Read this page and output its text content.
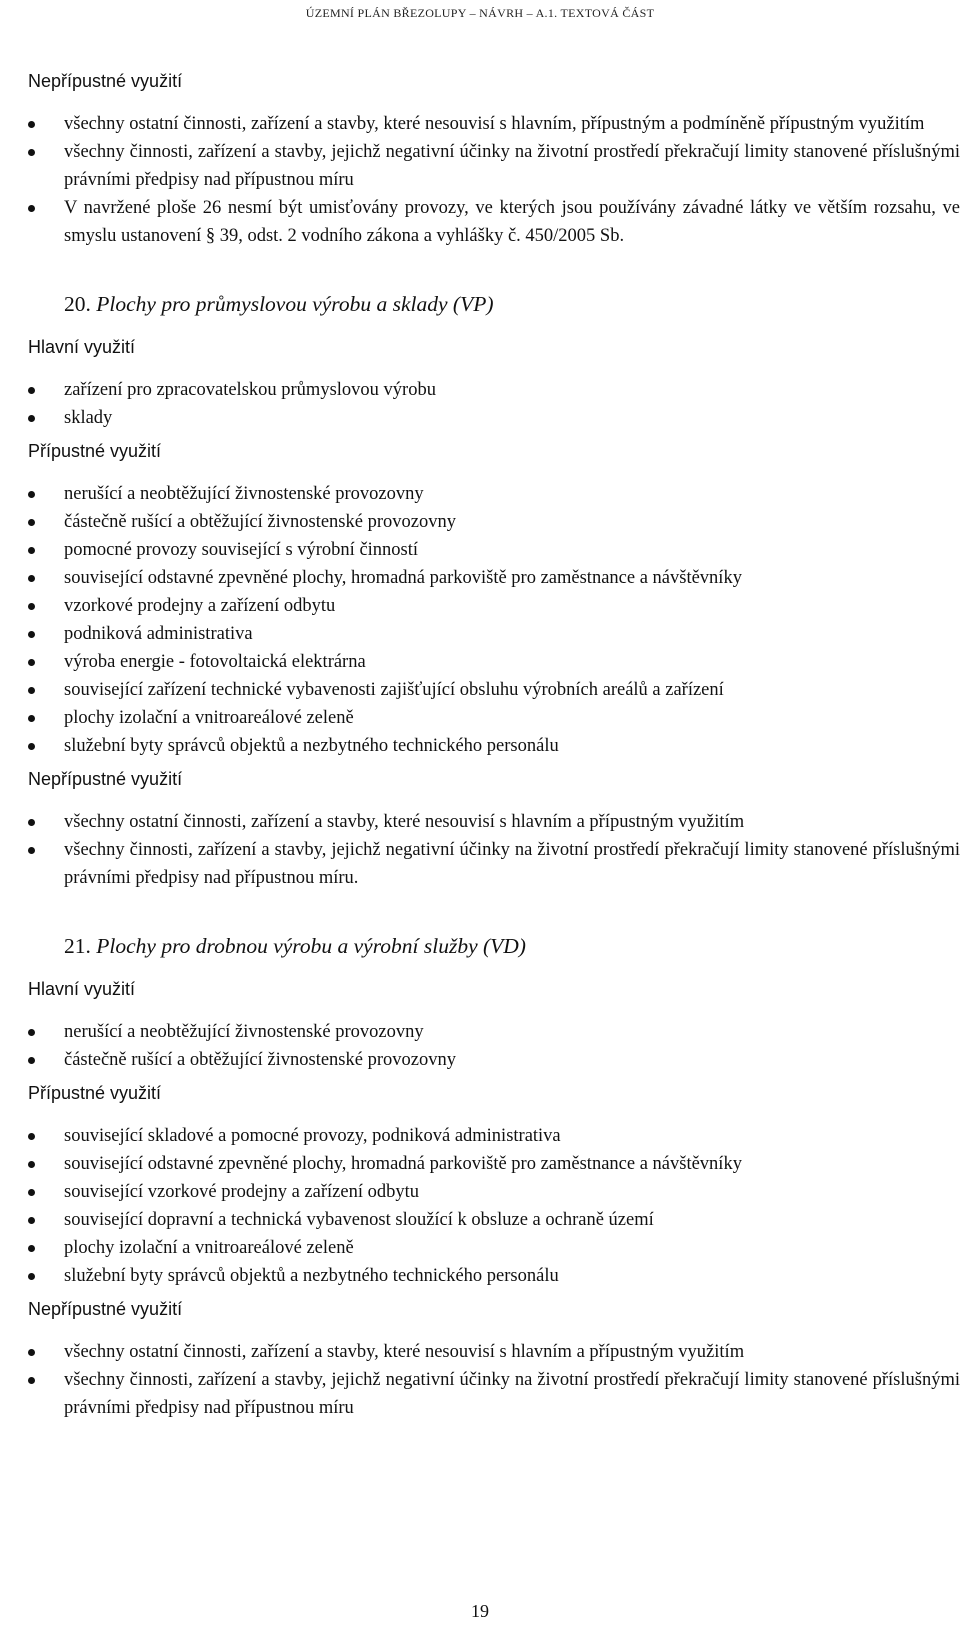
ÚZEMNÍ PLÁN BŘEZOLUPY – NÁVRH – A.1. TEXTOVÁ ČÁST
Nepřípustné využití
všechny ostatní činnosti, zařízení a stavby, které nesouvisí s hlavním, přípustným a podmíněně přípustným využitím
všechny činnosti, zařízení a stavby, jejichž negativní účinky na životní prostředí překračují limity stanovené příslušnými právními předpisy nad přípustnou míru
V navržené ploše 26 nesmí být umisťovány provozy, ve kterých jsou používány závadné látky ve větším rozsahu, ve smyslu ustanovení § 39, odst. 2 vodního zákona a vyhlášky č. 450/2005 Sb.
20. Plochy pro průmyslovou výrobu a sklady (VP)
Hlavní využití
zařízení pro zpracovatelskou průmyslovou výrobu
sklady
Přípustné využití
nerušící a neobtěžující živnostenské provozovny
částečně rušící a obtěžující živnostenské provozovny
pomocné provozy související s výrobní činností
související odstavné zpevněné plochy, hromadná parkoviště pro zaměstnance a návštěvníky
vzorkové prodejny a zařízení odbytu
podniková administrativa
výroba energie - fotovoltaická elektrárna
související zařízení technické vybavenosti zajišťující obsluhu výrobních areálů a zařízení
plochy izolační a vnitroareálové zeleně
služební byty správců objektů a nezbytného technického personálu
Nepřípustné využití
všechny ostatní činnosti, zařízení a stavby, které nesouvisí s hlavním a přípustným využitím
všechny činnosti, zařízení a stavby, jejichž negativní účinky na životní prostředí překračují limity stanovené příslušnými právními předpisy nad přípustnou míru.
21. Plochy pro drobnou výrobu a výrobní služby (VD)
Hlavní využití
nerušící a neobtěžující živnostenské provozovny
částečně rušící a obtěžující živnostenské provozovny
Přípustné využití
související skladové a pomocné provozy, podniková administrativa
související odstavné zpevněné plochy, hromadná parkoviště pro zaměstnance a návštěvníky
související vzorkové prodejny a zařízení odbytu
související dopravní a technická vybavenost sloužící k obsluze a ochraně území
plochy izolační a vnitroareálové zeleně
služební byty správců objektů a nezbytného technického personálu
Nepřípustné využití
všechny ostatní činnosti, zařízení a stavby, které nesouvisí s hlavním a přípustným využitím
všechny činnosti, zařízení a stavby, jejichž negativní účinky na životní prostředí překračují limity stanovené příslušnými právními předpisy nad přípustnou míru
19
